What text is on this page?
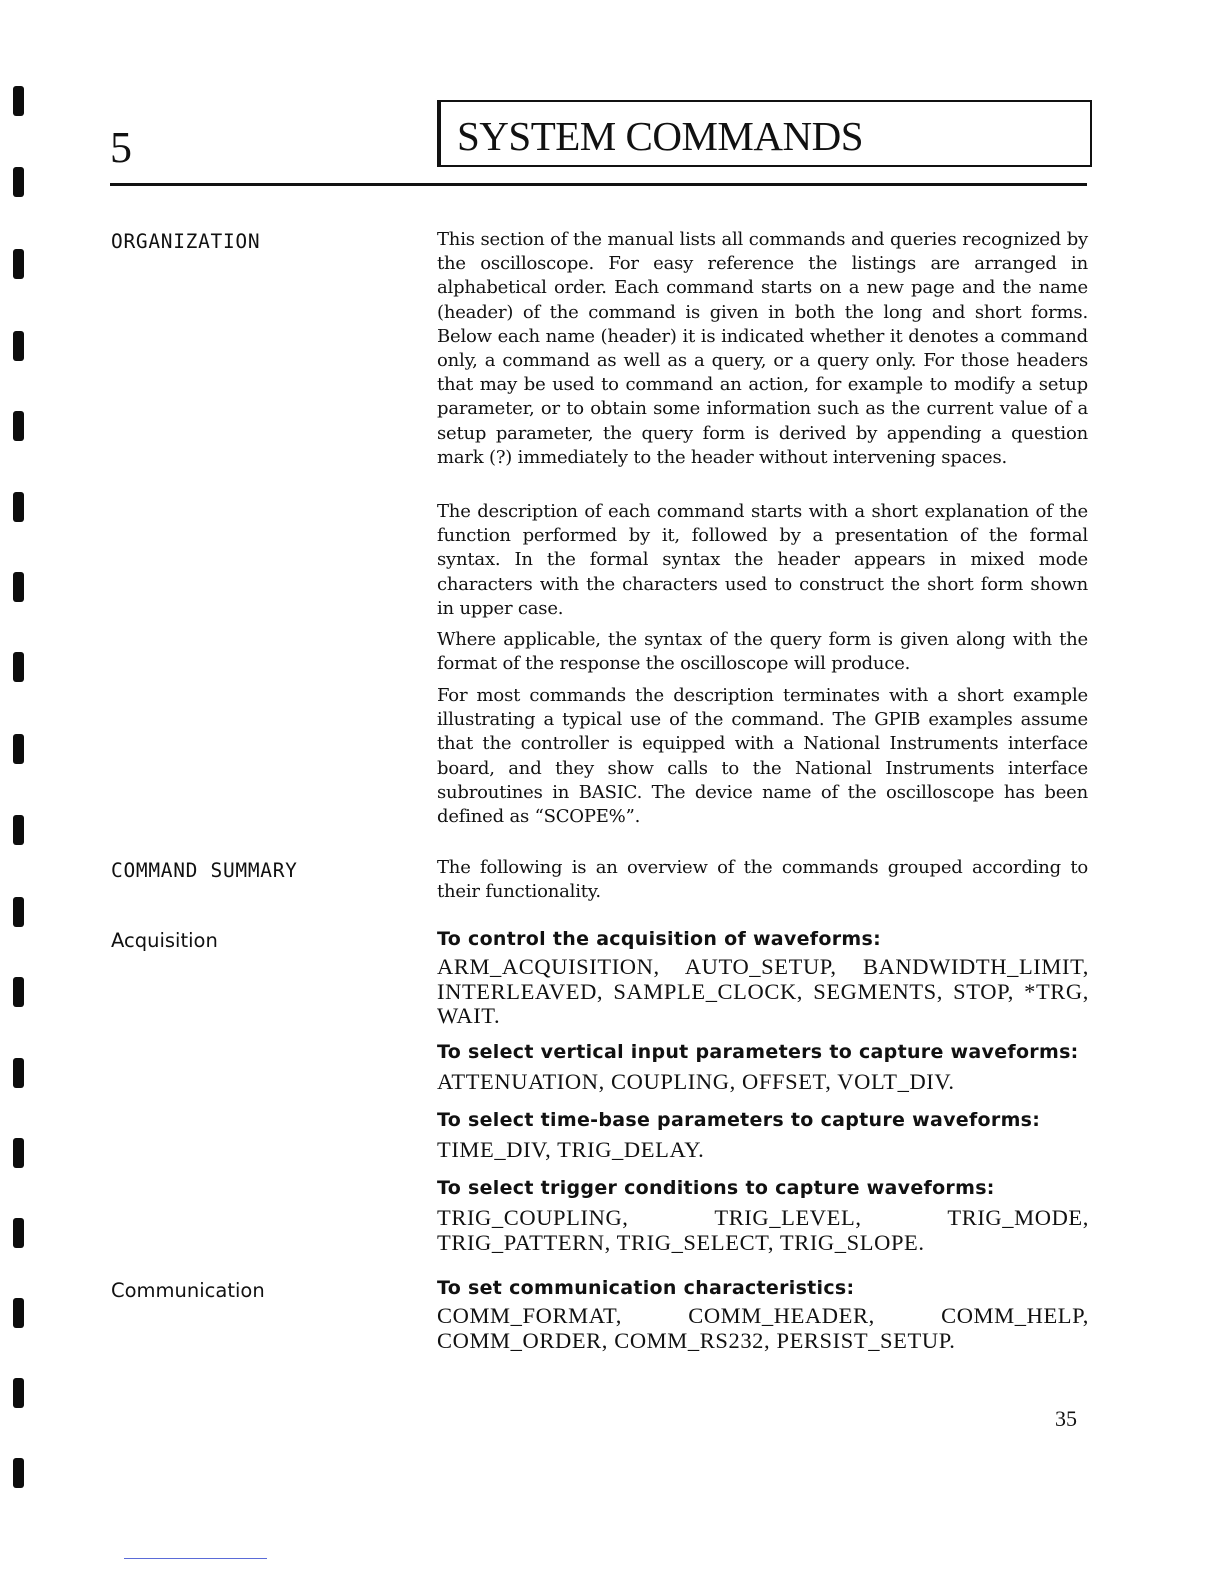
5	SYSTEM COMMANDS
ORGANIZATION	This section of the manual lists all commands and queries recognized by the oscilloscope. For easy reference the listings are arranged in alphabetical order. Each command starts on a new page and the name (header) of the command is given in both the long and short forms. Below each name (header) it is indicated whether it denotes a command only, a command as well as a query, or a query only. For those headers that may be used to command an action, for example to modify a setup parameter, or to obtain some information such as the current value of a setup parameter, the query form is derived by appending a question mark (?) immediately to the header without intervening spaces.
The description of each command starts with a short explanation of the function performed by it, followed by a presentation of the formal syntax. In the formal syntax the header appears in mixed mode characters with the characters used to construct the short form shown in upper case.
Where applicable, the syntax of the query form is given along with the format of the response the oscilloscope will produce.
For most commands the description terminates with a short example illustrating a typical use of the command. The GPIB examples assume that the controller is equipped with a National Instruments interface board, and they show calls to the National Instruments interface subroutines in BASIC. The device name of the oscilloscope has been defined as “SCOPE%”.
COMMAND SUMMARY	The following is an overview of the commands grouped according to their functionality.
Acquisition	To control the acquisition of waveforms:
ARM_ACQUISITION, AUTO_SETUP, BANDWIDTH_LIMIT, INTERLEAVED, SAMPLE_CLOCK, SEGMENTS, STOP, *TRG, WAIT.
To select vertical input parameters to capture waveforms:
ATTENUATION, COUPLING, OFFSET, VOLT_DIV.
To select time-base parameters to capture waveforms:
TIME_DIV, TRIG_DELAY.
To select trigger conditions to capture waveforms:
TRIG_COUPLING, TRIG_LEVEL, TRIG_MODE, TRIG_PATTERN, TRIG_SELECT, TRIG_SLOPE.
Communication	To set communication characteristics:
COMM_FORMAT, COMM_HEADER, COMM_HELP, COMM_ORDER, COMM_RS232, PERSIST_SETUP.
35
